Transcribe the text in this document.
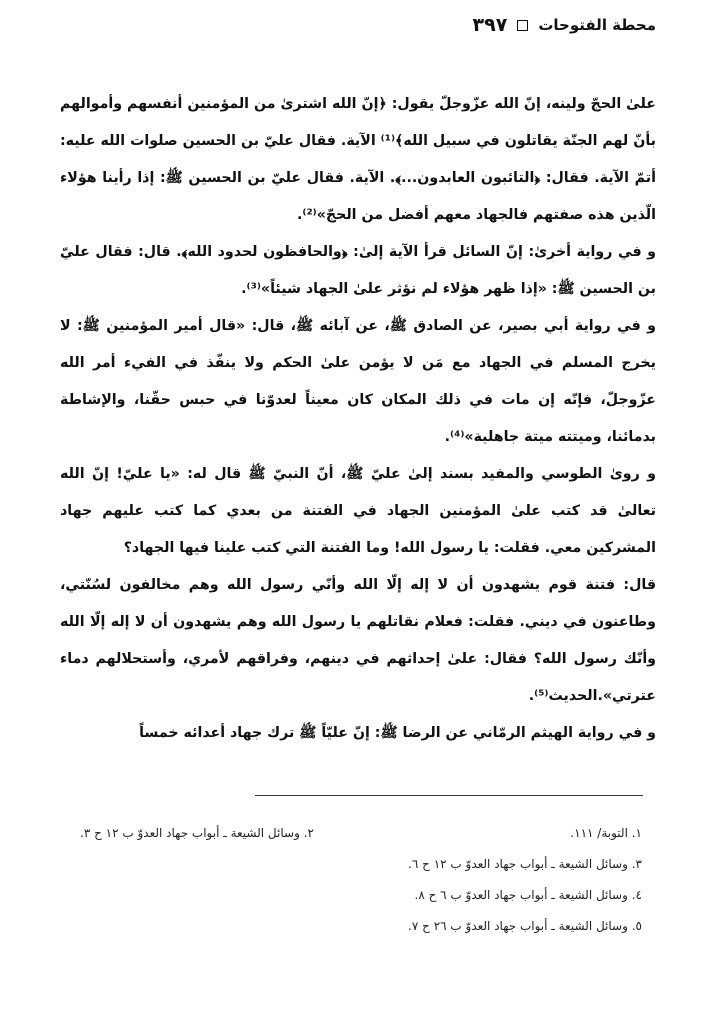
محطة الفتوحات
٣٩٧

علیٰ الحجّ ولینه، إنّ الله عزّوجلّ یقول: ﴿إنّ الله اشتریٰ من المؤمنین أنفسهم وأموالهم بأنّ لهم الجنّة یقاتلون في سبیل الله﴾⁽¹⁾ الآیة. فقال عليّ بن الحسین صلوات الله علیه: أتمّ الآیة. فقال: ﴿التائبون العابدون...﴾. الآیة. فقال عليّ بن الحسین ﷺ: إذا رأینا هؤلاء الّذین هذه صفتهم فالجهاد معهم أفضل من الحجّ»⁽²⁾.

و في روایة أخریٰ: إنّ السائل قرأ الآیة إلیٰ: ﴿والحافظون لحدود الله﴾. قال: فقال عليّ بن الحسین ﷺ: «إذا ظهر هؤلاء لم نؤثر علیٰ الجهاد شیئاً»⁽³⁾.

و في روایة أبي بصیر، عن الصادق ﷺ، عن آبائه ﷺ، قال: «قال أمیر المؤمنین ﷺ: لا یخرج المسلم في الجهاد مع مَن لا یؤمن علیٰ الحکم ولا ینفّذ في الفيء أمر الله عزّوجلّ، فإنّه إن مات في ذلك المکان کان معیناً لعدوّنا في حبس حقّنا، والإشاطة بدمائنا، ومیتته میتة جاهلیة»⁽⁴⁾.

و رویٰ الطوسي والمفید بسند إلیٰ عليّ ﷺ، أنّ النبيّ ﷺ قال له: «یا عليّ! إنّ الله تعالیٰ قد کتب علیٰ المؤمنین الجهاد في الفتنة من بعدي کما کتب علیهم جهاد المشرکین معي. فقلت: یا رسول الله! وما الفتنة التي کتب علینا فیها الجهاد؟

قال: فتنة قوم یشهدون أن لا إله إلّا الله وأنّي رسول الله وهم مخالفون لسُنّتي، وطاعنون في دیني. فقلت: فعلام نقاتلهم یا رسول الله وهم یشهدون أن لا إله إلّا الله وأنّك رسول الله؟ فقال: علیٰ إحداثهم في دینهم، وفراقهم لأمري، وأستحلالهم دماء عترتي».الحدیث⁽⁵⁾.

و في روایة الهیثم الرمّاني عن الرضا ﷺ: إنّ علیّاً ﷺ ترك جهاد أعدائه خمساً

١. التوبة/ ١١١.
٢. وسائل الشیعة ـ أبواب جهاد العدوّ ب ١٢ ح ٣.
٣. وسائل الشیعة ـ أبواب جهاد العدوّ ب ١٢ ح ٦.
٤. وسائل الشیعة ـ أبواب جهاد العدوّ ب ٦ ح ٨.
٥. وسائل الشیعة ـ أبواب جهاد العدوّ ب ٢٦ ح ٧.
